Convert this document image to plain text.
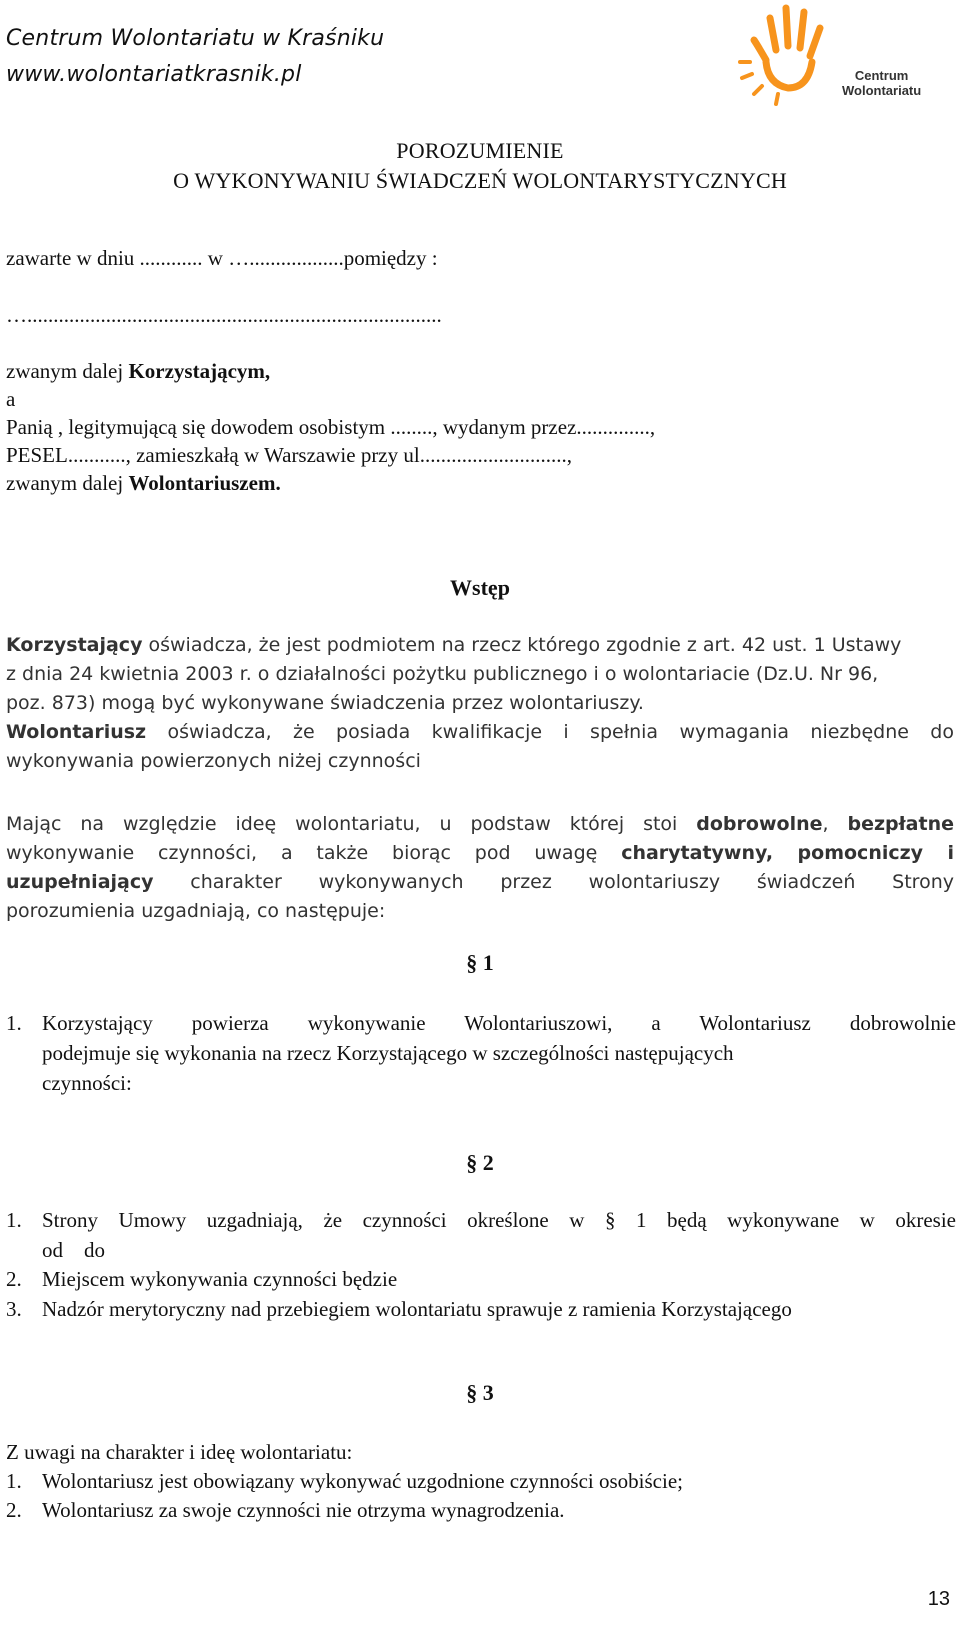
Centrum Wolontariatu w Kraśniku
www.wolontariatkrasnik.pl	Centrum
Wolontariatu
POROZUMIENIE
O WYKONYWANIU ŚWIADCZEŃ WOLONTARYSTYCZNYCH
zawarte w dniu ............ w …..................pomiędzy :
…...............................................................................
zwanym dalej Korzystającym,
a
Panią , legitymującą się dowodem osobistym ........, wydanym przez..............,
PESEL..........., zamieszkałą w Warszawie przy ul............................,
zwanym dalej Wolontariuszem.
Wstęp
Korzystający oświadcza, że jest podmiotem na rzecz którego zgodnie z art. 42 ust. 1 Ustawy
z dnia 24 kwietnia 2003 r. o działalności pożytku publicznego i o wolontariacie (Dz.U. Nr 96,
poz. 873) mogą być wykonywane świadczenia przez wolontariuszy.
Wolontariusz oświadcza, że posiada kwalifikacje i spełnia wymagania niezbędne do
wykonywania powierzonych niżej czynności
Mając na względzie ideę wolontariatu, u podstaw której stoi dobrowolne, bezpłatne
wykonywanie czynności, a także biorąc pod uwagę charytatywny, pomocniczy i
uzupełniający charakter wykonywanych przez wolontariuszy świadczeń Strony
porozumienia uzgadniają, co następuje:
§ 1
1. Korzystający powierza wykonywanie Wolontariuszowi, a Wolontariusz dobrowolnie
podejmuje się wykonania na rzecz Korzystającego w szczególności następujących
czynności:
§ 2
1. Strony Umowy uzgadniają, że czynności określone w § 1 będą wykonywane w okresie
od    do
2. Miejscem wykonywania czynności będzie
3. Nadzór merytoryczny nad przebiegiem wolontariatu sprawuje z ramienia Korzystającego
§ 3
Z uwagi na charakter i ideę wolontariatu:
1. Wolontariusz jest obowiązany wykonywać uzgodnione czynności osobiście;
2. Wolontariusz za swoje czynności nie otrzyma wynagrodzenia.
13
